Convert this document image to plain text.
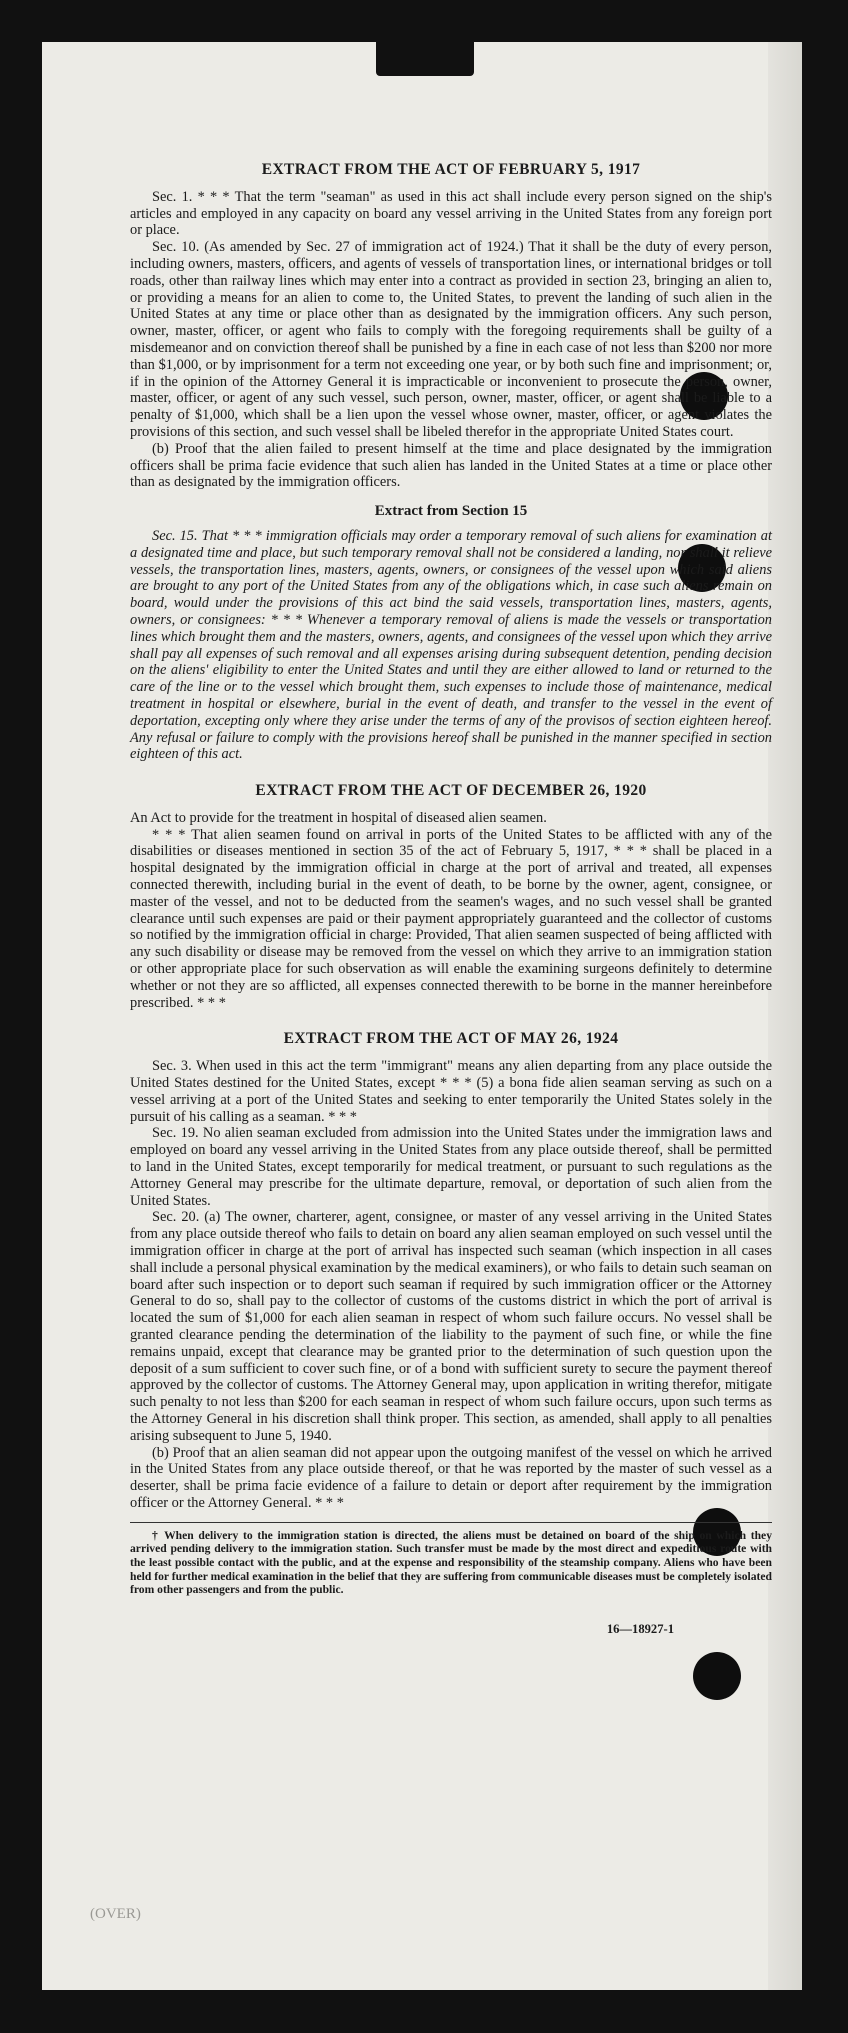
EXTRACT FROM THE ACT OF FEBRUARY 5, 1917

Sec. 1. * * * That the term "seaman" as used in this act shall include every person signed on the ship's articles and employed in any capacity on board any vessel arriving in the United States from any foreign port or place.

Sec. 10. (As amended by Sec. 27 of immigration act of 1924.) That it shall be the duty of every person, including owners, masters, officers, and agents of vessels of transportation lines, or international bridges or toll roads, other than railway lines which may enter into a contract as provided in section 23, bringing an alien to, or providing a means for an alien to come to, the United States, to prevent the landing of such alien in the United States at any time or place other than as designated by the immigration officers. Any such person, owner, master, officer, or agent who fails to comply with the foregoing requirements shall be guilty of a misdemeanor and on conviction thereof shall be punished by a fine in each case of not less than $200 nor more than $1,000, or by imprisonment for a term not exceeding one year, or by both such fine and imprisonment; or, if in the opinion of the Attorney General it is impracticable or inconvenient to prosecute the person, owner, master, officer, or agent of any such vessel, such person, owner, master, officer, or agent shall be liable to a penalty of $1,000, which shall be a lien upon the vessel whose owner, master, officer, or agent violates the provisions of this section, and such vessel shall be libeled therefor in the appropriate United States court.

(b) Proof that the alien failed to present himself at the time and place designated by the immigration officers shall be prima facie evidence that such alien has landed in the United States at a time or place other than as designated by the immigration officers.

Extract from Section 15

Sec. 15. That * * * immigration officials may order a temporary removal of such aliens for examination at a designated time and place, but such temporary removal shall not be considered a landing, nor shall it relieve vessels, the transportation lines, masters, agents, owners, or consignees of the vessel upon which said aliens are brought to any port of the United States from any of the obligations which, in case such aliens remain on board, would under the provisions of this act bind the said vessels, transportation lines, masters, agents, owners, or consignees: * * * Whenever a temporary removal of aliens is made the vessels or transportation lines which brought them and the masters, owners, agents, and consignees of the vessel upon which they arrive shall pay all expenses of such removal and all expenses arising during subsequent detention, pending decision on the aliens' eligibility to enter the United States and until they are either allowed to land or returned to the care of the line or to the vessel which brought them, such expenses to include those of maintenance, medical treatment in hospital or elsewhere, burial in the event of death, and transfer to the vessel in the event of deportation, excepting only where they arise under the terms of any of the provisos of section eighteen hereof. Any refusal or failure to comply with the provisions hereof shall be punished in the manner specified in section eighteen of this act.

EXTRACT FROM THE ACT OF DECEMBER 26, 1920

An Act to provide for the treatment in hospital of diseased alien seamen.

* * * That alien seamen found on arrival in ports of the United States to be afflicted with any of the disabilities or diseases mentioned in section 35 of the act of February 5, 1917, * * * shall be placed in a hospital designated by the immigration official in charge at the port of arrival and treated, all expenses connected therewith, including burial in the event of death, to be borne by the owner, agent, consignee, or master of the vessel, and not to be deducted from the seamen's wages, and no such vessel shall be granted clearance until such expenses are paid or their payment appropriately guaranteed and the collector of customs so notified by the immigration official in charge: Provided, That alien seamen suspected of being afflicted with any such disability or disease may be removed from the vessel on which they arrive to an immigration station or other appropriate place for such observation as will enable the examining surgeons definitely to determine whether or not they are so afflicted, all expenses connected therewith to be borne in the manner hereinbefore prescribed. * * *

EXTRACT FROM THE ACT OF MAY 26, 1924

Sec. 3. When used in this act the term "immigrant" means any alien departing from any place outside the United States destined for the United States, except * * * (5) a bona fide alien seaman serving as such on a vessel arriving at a port of the United States and seeking to enter temporarily the United States solely in the pursuit of his calling as a seaman. * * *

Sec. 19. No alien seaman excluded from admission into the United States under the immigration laws and employed on board any vessel arriving in the United States from any place outside thereof, shall be permitted to land in the United States, except temporarily for medical treatment, or pursuant to such regulations as the Attorney General may prescribe for the ultimate departure, removal, or deportation of such alien from the United States.

Sec. 20. (a) The owner, charterer, agent, consignee, or master of any vessel arriving in the United States from any place outside thereof who fails to detain on board any alien seaman employed on such vessel until the immigration officer in charge at the port of arrival has inspected such seaman (which inspection in all cases shall include a personal physical examination by the medical examiners), or who fails to detain such seaman on board after such inspection or to deport such seaman if required by such immigration officer or the Attorney General to do so, shall pay to the collector of customs of the customs district in which the port of arrival is located the sum of $1,000 for each alien seaman in respect of whom such failure occurs. No vessel shall be granted clearance pending the determination of the liability to the payment of such fine, or while the fine remains unpaid, except that clearance may be granted prior to the determination of such question upon the deposit of a sum sufficient to cover such fine, or of a bond with sufficient surety to secure the payment thereof approved by the collector of customs. The Attorney General may, upon application in writing therefor, mitigate such penalty to not less than $200 for each seaman in respect of whom such failure occurs, upon such terms as the Attorney General in his discretion shall think proper. This section, as amended, shall apply to all penalties arising subsequent to June 5, 1940.

(b) Proof that an alien seaman did not appear upon the outgoing manifest of the vessel on which he arrived in the United States from any place outside thereof, or that he was reported by the master of such vessel as a deserter, shall be prima facie evidence of a failure to detain or deport after requirement by the immigration officer or the Attorney General. * * *

† When delivery to the immigration station is directed, the aliens must be detained on board of the ship on which they arrived pending delivery to the immigration station. Such transfer must be made by the most direct and expeditious route with the least possible contact with the public, and at the expense and responsibility of the steamship company. Aliens who have been held for further medical examination in the belief that they are suffering from communicable diseases must be completely isolated from other passengers and from the public.

16—18927-1
(OVER)
